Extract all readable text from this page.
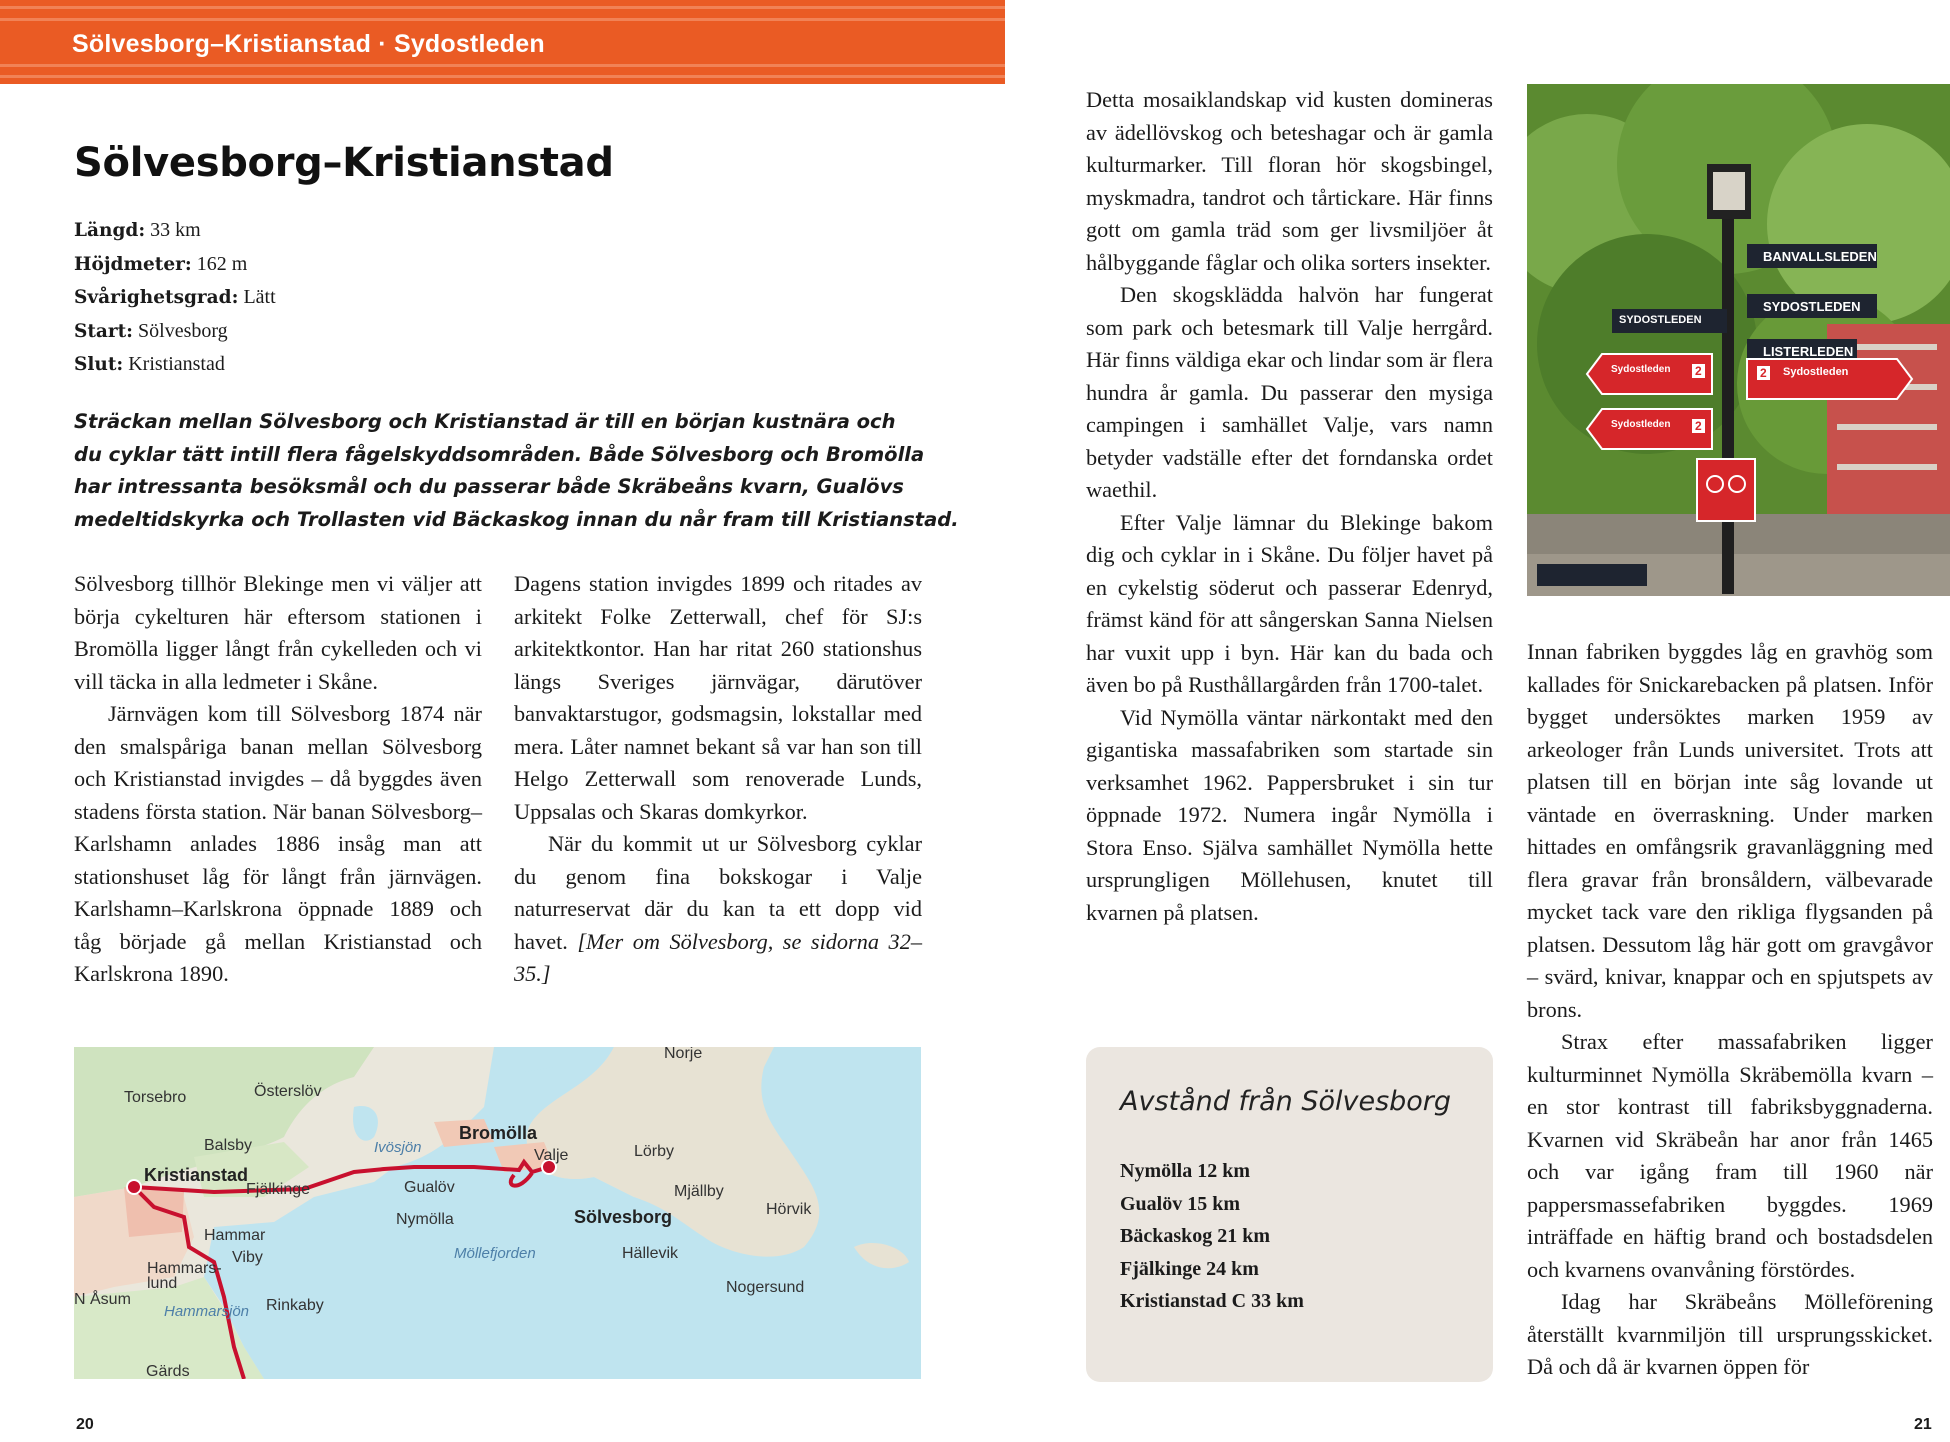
Sölvesborg–Kristianstad · Sydostleden
Sölvesborg–Kristianstad
Längd: 33 km
Höjdmeter: 162 m
Svårighetsgrad: Lätt
Start: Sölvesborg
Slut: Kristianstad
Sträckan mellan Sölvesborg och Kristianstad är till en början kustnära och
du cyklar tätt intill flera fågelskyddsområden. Både Sölvesborg och Bromölla
har intressanta besöksmål och du passerar både Skräbeåns kvarn, Gualövs
medeltidskyrka och Trollasten vid Bäckaskog innan du når fram till Kristianstad.

Sölvesborg tillhör Blekinge men vi väljer att börja cykelturen här eftersom stationen i Bromölla ligger långt från cykelleden och vi vill täcka in alla ledmeter i Skåne.

Järnvägen kom till Sölvesborg 1874 när den smalspåriga banan mellan Sölvesborg och Kristianstad invigdes – då byggdes även stadens första station. När banan Sölvesborg–Karlshamn anlades 1886 insåg man att stationshuset låg för långt från järnvägen. Karlshamn–Karlskrona öppnade 1889 och tåg började gå mellan Kristianstad och Karlskrona 1890.

Dagens station invigdes 1899 och ritades av arkitekt Folke Zetterwall, chef för SJ:s arkitektkontor. Han har ritat 260 stationshus längs Sveriges järnvägar, därutöver banvaktarstugor, godsmagsin, lokstallar med mera. Låter namnet bekant så var han son till Helgo Zetterwall som renoverade Lunds, Uppsalas och Skaras domkyrkor.

När du kommit ut ur Sölvesborg cyklar du genom fina bokskogar i Valje naturreservat där du kan ta ett dopp vid havet. [Mer om Sölvesborg, se sidorna 32–35.]

Norje
Torsebro	Österslöv
Balsby	Ivösjön
Bromölla
Valje	Lörby
Kristianstad
Fjälkinge	Gualöv	Mjällby
Hörvik
Nymölla	Sölvesborg
Hammar
Viby	Möllefjorden	Hällevik
Hammars-
lund	Nogersund
N Åsum
Hammarsjön Rinkaby
Gärds

Detta mosaiklandskap vid kusten domineras av ädellövskog och beteshagar och är gamla kulturmarker. Till floran hör skogsbingel, myskmadra, tandrot och tårtickare. Här finns gott om gamla träd som ger livsmiljöer åt hålbyggande fåglar och olika sorters insekter.

Den skogsklädda halvön har fungerat som park och betesmark till Valje herrgård. Här finns väldiga ekar och lindar som är flera hundra år gamla. Du passerar den mysiga campingen i samhället Valje, vars namn betyder vadställe efter det forndanska ordet waethil.

Efter Valje lämnar du Blekinge bakom dig och cyklar in i Skåne. Du följer havet på en cykelstig söderut och passerar Edenryd, främst känd för att sångerskan Sanna Nielsen har vuxit upp i byn. Här kan du bada och även bo på Rusthållargården från 1700-talet.

Vid Nymölla väntar närkontakt med den gigantiska massafabriken som startade sin verksamhet 1962. Pappersbruket i sin tur öppnade 1972. Numera ingår Nymölla i Stora Enso. Själva samhället Nymölla hette ursprungligen Möllehusen, knutet till kvarnen på platsen.

BANVALLSLEDEN
SYDOSTLEDEN
SYDOSTLEDEN
LISTERLEDEN
Sydostleden 2	2 Sydostleden
Sydostleden 2

Innan fabriken byggdes låg en gravhög som kallades för Snickarebacken på platsen. Inför bygget undersöktes marken 1959 av arkeologer från Lunds universitet. Trots att platsen till en början inte såg lovande ut väntade en överraskning. Under marken hittades en omfångsrik gravanläggning med flera gravar från bronsåldern, välbevarade mycket tack vare den rikliga flygsanden på platsen. Dessutom låg här gott om gravgåvor – svärd, knivar, knappar och en spjutspets av brons.

Strax efter massafabriken ligger kulturminnet Nymölla Skräbemölla kvarn – en stor kontrast till fabriksbyggnaderna. Kvarnen vid Skräbeån har anor från 1465 och var igång fram till 1960 när pappersmassefabriken byggdes. 1969 inträffade en häftig brand och bostadsdelen och kvarnens ovanvåning förstördes.

Idag har Skräbeåns Mölleförening återställt kvarnmiljön till ursprungsskicket. Då och då är kvarnen öppen för

Avstånd från Sölvesborg
Nymölla 12 km
Gualöv 15 km
Bäckaskog 21 km
Fjälkinge 24 km
Kristianstad C 33 km
20	21
